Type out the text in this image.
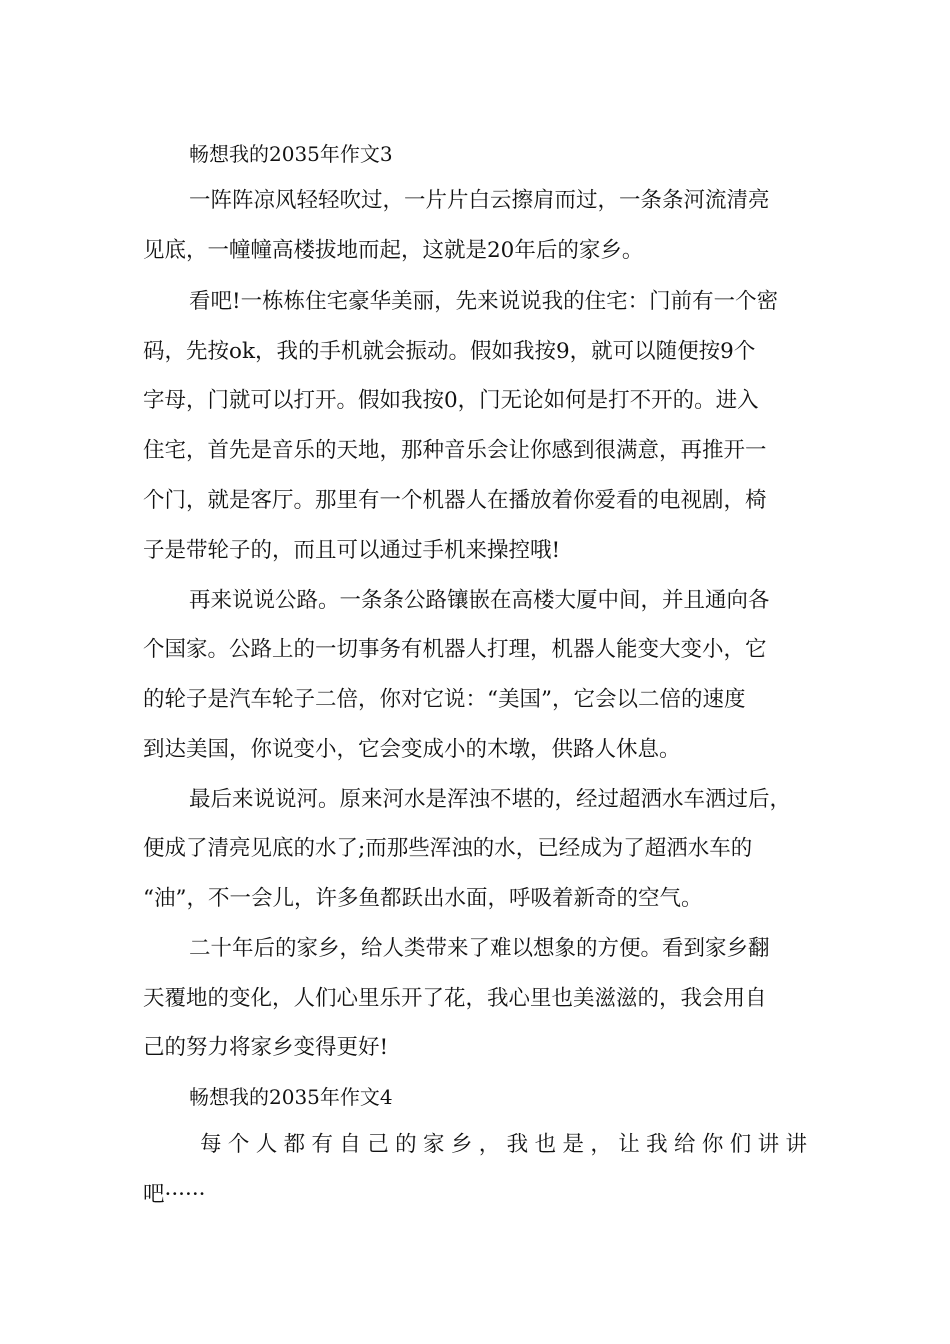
畅想我的2035年作文3
一阵阵凉风轻轻吹过，一片片白云擦肩而过，一条条河流清亮
见底，一幢幢高楼拔地而起，这就是20年后的家乡。
看吧!一栋栋住宅豪华美丽，先来说说我的住宅：门前有一个密
码，先按ok，我的手机就会振动。假如我按9，就可以随便按9个
字母，门就可以打开。假如我按0，门无论如何是打不开的。进入
住宅，首先是音乐的天地，那种音乐会让你感到很满意，再推开一
个门，就是客厅。那里有一个机器人在播放着你爱看的电视剧，椅
子是带轮子的，而且可以通过手机来操控哦!
再来说说公路。一条条公路镶嵌在高楼大厦中间，并且通向各
个国家。公路上的一切事务有机器人打理，机器人能变大变小，它
的轮子是汽车轮子二倍，你对它说：“美国”，它会以二倍的速度
到达美国，你说变小，它会变成小的木墩，供路人休息。
最后来说说河。原来河水是浑浊不堪的，经过超洒水车洒过后，
便成了清亮见底的水了;而那些浑浊的水，已经成为了超洒水车的
“油”，不一会儿，许多鱼都跃出水面，呼吸着新奇的空气。
二十年后的家乡，给人类带来了难以想象的方便。看到家乡翻
天覆地的变化，人们心里乐开了花，我心里也美滋滋的，我会用自
己的努力将家乡变得更好!
畅想我的2035年作文4
每个人都有自己的家乡，我也是，让我给你们讲讲
吧······
